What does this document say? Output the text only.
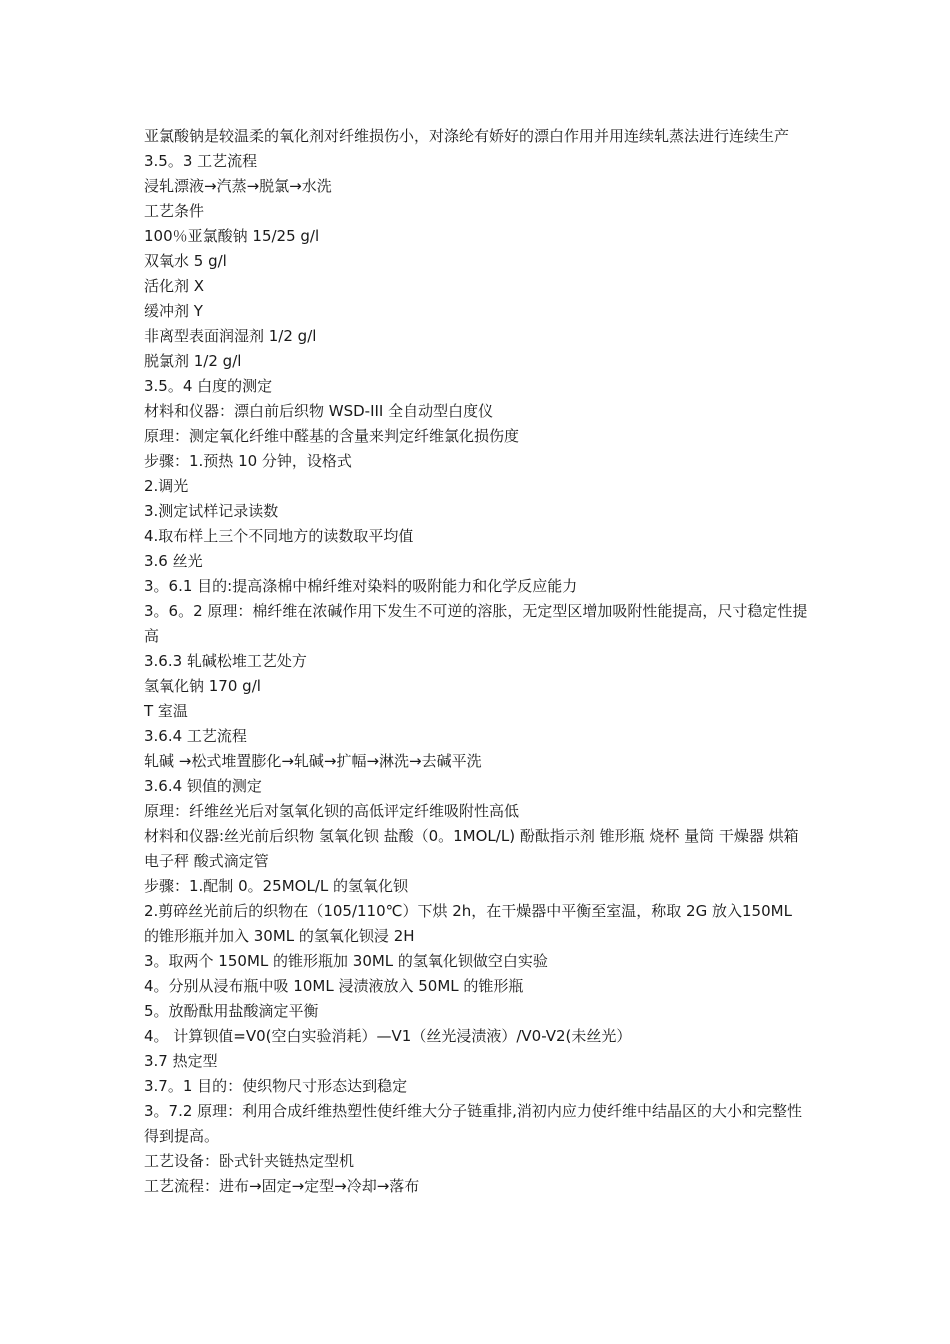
亚氯酸钠是较温柔的氧化剂对纤维损伤小，对涤纶有娇好的漂白作用并用连续轧蒸法进行连续生产

3.5。3 工艺流程

浸轧漂液→汽蒸→脱氯→水洗

工艺条件

100％亚氯酸钠 15/25 g/l

双氧水 5 g/l

活化剂 X

缓冲剂 Y

非离型表面润湿剂 1/2 g/l

脱氯剂 1/2 g/l

3.5。4 白度的测定

材料和仪器：漂白前后织物 WSD-III 全自动型白度仪

原理：测定氧化纤维中醛基的含量来判定纤维氯化损伤度

步骤：1.预热 10 分钟，设格式

2.调光

3.测定试样记录读数

4.取布样上三个不同地方的读数取平均值

3.6 丝光

3。6.1 目的:提高涤棉中棉纤维对染料的吸附能力和化学反应能力

3。6。2 原理：棉纤维在浓碱作用下发生不可逆的溶胀，无定型区增加吸附性能提高，尺寸稳定性提高

3.6.3 轧碱松堆工艺处方

氢氧化钠 170 g/l

T 室温

3.6.4 工艺流程

轧碱 →松式堆置膨化→轧碱→扩幅→淋洗→去碱平洗

3.6.4 钡值的测定

原理：纤维丝光后对氢氧化钡的高低评定纤维吸附性高低

材料和仪器:丝光前后织物 氢氧化钡 盐酸（0。1MOL/L) 酚酞指示剂 锥形瓶 烧杯 量筒 干燥器 烘箱 电子秤 酸式滴定管

步骤：1.配制 0。25MOL/L 的氢氧化钡

2.剪碎丝光前后的织物在（105/110℃）下烘 2h，在干燥器中平衡至室温，称取 2G 放入150ML 的锥形瓶并加入 30ML 的氢氧化钡浸 2H

3。取两个 150ML 的锥形瓶加 30ML 的氢氧化钡做空白实验

4。分别从浸布瓶中吸 10ML 浸渍液放入 50ML 的锥形瓶

5。放酚酞用盐酸滴定平衡

4。 计算钡值=V0(空白实验消耗）—V1（丝光浸渍液）/V0-V2(未丝光）

3.7 热定型

3.7。1 目的：使织物尺寸形态达到稳定

3。7.2 原理：利用合成纤维热塑性使纤维大分子链重排,消初内应力使纤维中结晶区的大小和完整性得到提高。

工艺设备：卧式针夹链热定型机

工艺流程：进布→固定→定型→冷却→落布
